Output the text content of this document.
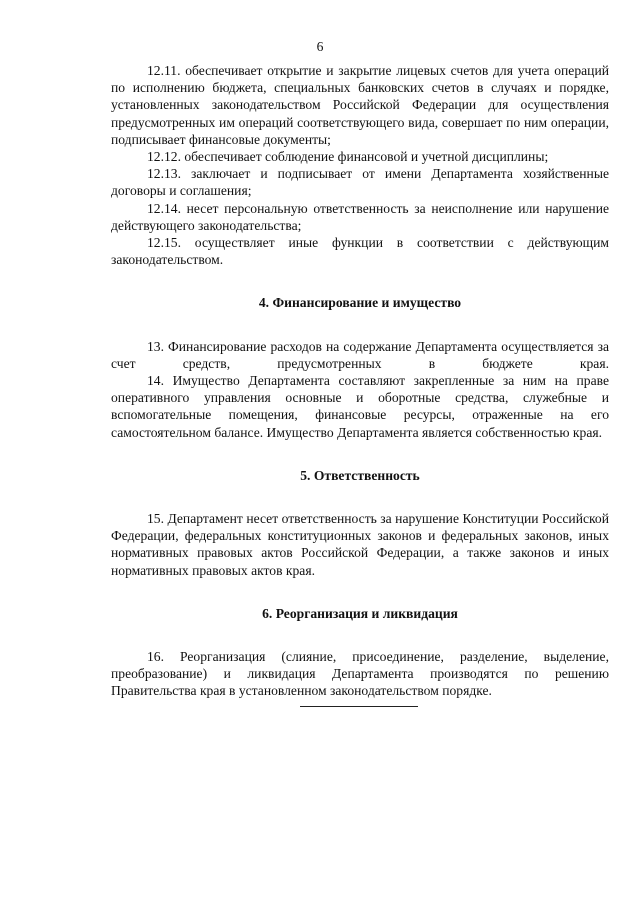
6

12.11. обеспечивает открытие и закрытие лицевых счетов для учета операций по исполнению бюджета, специальных банковских счетов в случаях и порядке, установленных законодательством Российской Федерации для осуществления предусмотренных им операций соответствующего вида, совершает по ним операции, подписывает финансовые документы;

12.12. обеспечивает соблюдение финансовой и учетной дисциплины;

12.13. заключает и подписывает от имени Департамента хозяйственные договоры и соглашения;

12.14. несет персональную ответственность за неисполнение или нарушение действующего законодательства;

12.15. осуществляет иные функции в соответствии с действующим законодательством.

4. Финансирование и имущество

13. Финансирование расходов на содержание Департамента осуществляется за счет средств, предусмотренных в бюджете края.

14. Имущество Департамента составляют закрепленные за ним на праве оперативного управления основные и оборотные средства, служебные и вспомогательные помещения, финансовые ресурсы, отраженные на его самостоятельном балансе. Имущество Департамента является собственностью края.

5. Ответственность

15. Департамент несет ответственность за нарушение Конституции Российской Федерации, федеральных конституционных законов и федеральных законов, иных нормативных правовых актов Российской Федерации, а также законов и иных нормативных правовых актов края.

6. Реорганизация и ликвидация

16. Реорганизация (слияние, присоединение, разделение, выделение, преобразование) и ликвидация Департамента производятся по решению Правительства края в установленном законодательством порядке.
